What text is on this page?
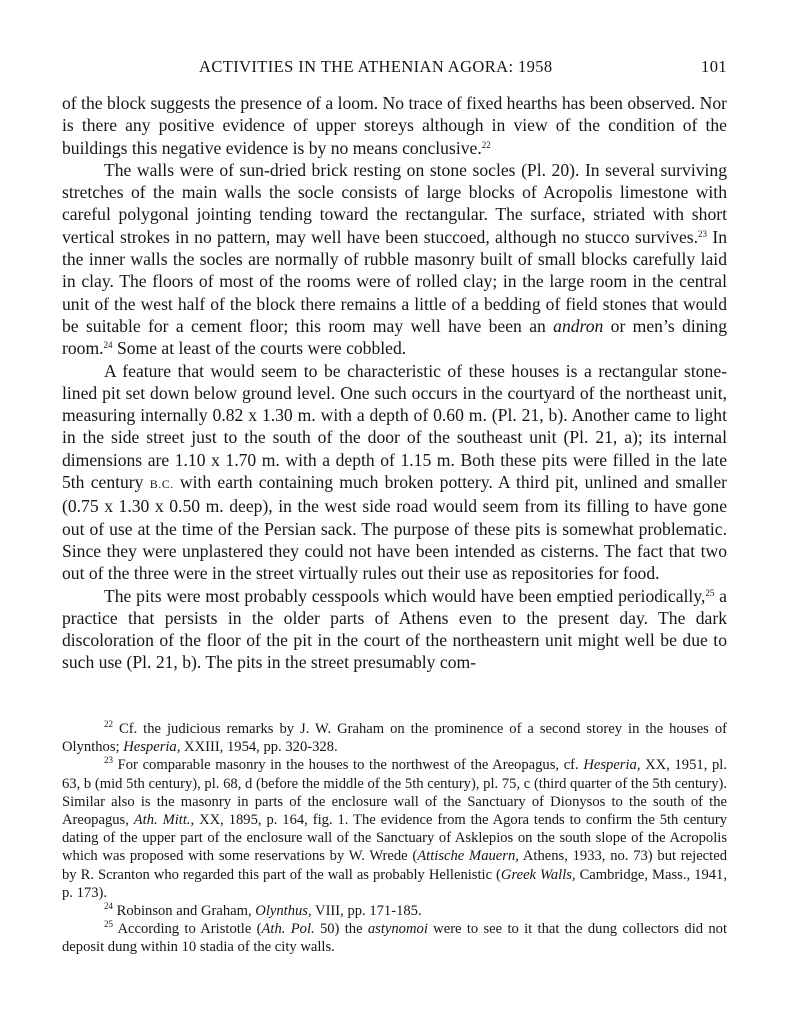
ACTIVITIES IN THE ATHENIAN AGORA: 1958	101

of the block suggests the presence of a loom. No trace of fixed hearths has been observed. Nor is there any positive evidence of upper storeys although in view of the condition of the buildings this negative evidence is by no means conclusive.$^{22}$

The walls were of sun-dried brick resting on stone socles (Pl. 20). In several surviving stretches of the main walls the socle consists of large blocks of Acropolis limestone with careful polygonal jointing tending toward the rectangular. The surface, striated with short vertical strokes in no pattern, may well have been stuccoed, although no stucco survives.$^{23}$ In the inner walls the socles are normally of rubble masonry built of small blocks carefully laid in clay. The floors of most of the rooms were of rolled clay; in the large room in the central unit of the west half of the block there remains a little of a bedding of field stones that would be suitable for a cement floor; this room may well have been an andron or men’s dining room.$^{24}$ Some at least of the courts were cobbled.

A feature that would seem to be characteristic of these houses is a rectangular stone-lined pit set down below ground level. One such occurs in the courtyard of the northeast unit, measuring internally 0.82 x 1.30 m. with a depth of 0.60 m. (Pl. 21, b). Another came to light in the side street just to the south of the door of the southeast unit (Pl. 21, a); its internal dimensions are 1.10 x 1.70 m. with a depth of 1.15 m. Both these pits were filled in the late 5th century B.C. with earth containing much broken pottery. A third pit, unlined and smaller (0.75 x 1.30 x 0.50 m. deep), in the west side road would seem from its filling to have gone out of use at the time of the Persian sack. The purpose of these pits is somewhat problematic. Since they were unplastered they could not have been intended as cisterns. The fact that two out of the three were in the street virtually rules out their use as repositories for food.

The pits were most probably cesspools which would have been emptied periodically,$^{25}$ a practice that persists in the older parts of Athens even to the present day. The dark discoloration of the floor of the pit in the court of the northeastern unit might well be due to such use (Pl. 21, b). The pits in the street presumably com-

$^{22}$ Cf. the judicious remarks by J. W. Graham on the prominence of a second storey in the houses of Olynthos; Hesperia, XXIII, 1954, pp. 320-328.

$^{23}$ For comparable masonry in the houses to the northwest of the Areopagus, cf. Hesperia, XX, 1951, pl. 63, b (mid 5th century), pl. 68, d (before the middle of the 5th century), pl. 75, c (third quarter of the 5th century). Similar also is the masonry in parts of the enclosure wall of the Sanctuary of Dionysos to the south of the Areopagus, Ath. Mitt., XX, 1895, p. 164, fig. 1. The evidence from the Agora tends to confirm the 5th century dating of the upper part of the enclosure wall of the Sanctuary of Asklepios on the south slope of the Acropolis which was proposed with some reservations by W. Wrede (Attische Mauern, Athens, 1933, no. 73) but rejected by R. Scranton who regarded this part of the wall as probably Hellenistic (Greek Walls, Cambridge, Mass., 1941, p. 173).

$^{24}$ Robinson and Graham, Olynthus, VIII, pp. 171-185.

$^{25}$ According to Aristotle (Ath. Pol. 50) the astynomoi were to see to it that the dung collectors did not deposit dung within 10 stadia of the city walls.
